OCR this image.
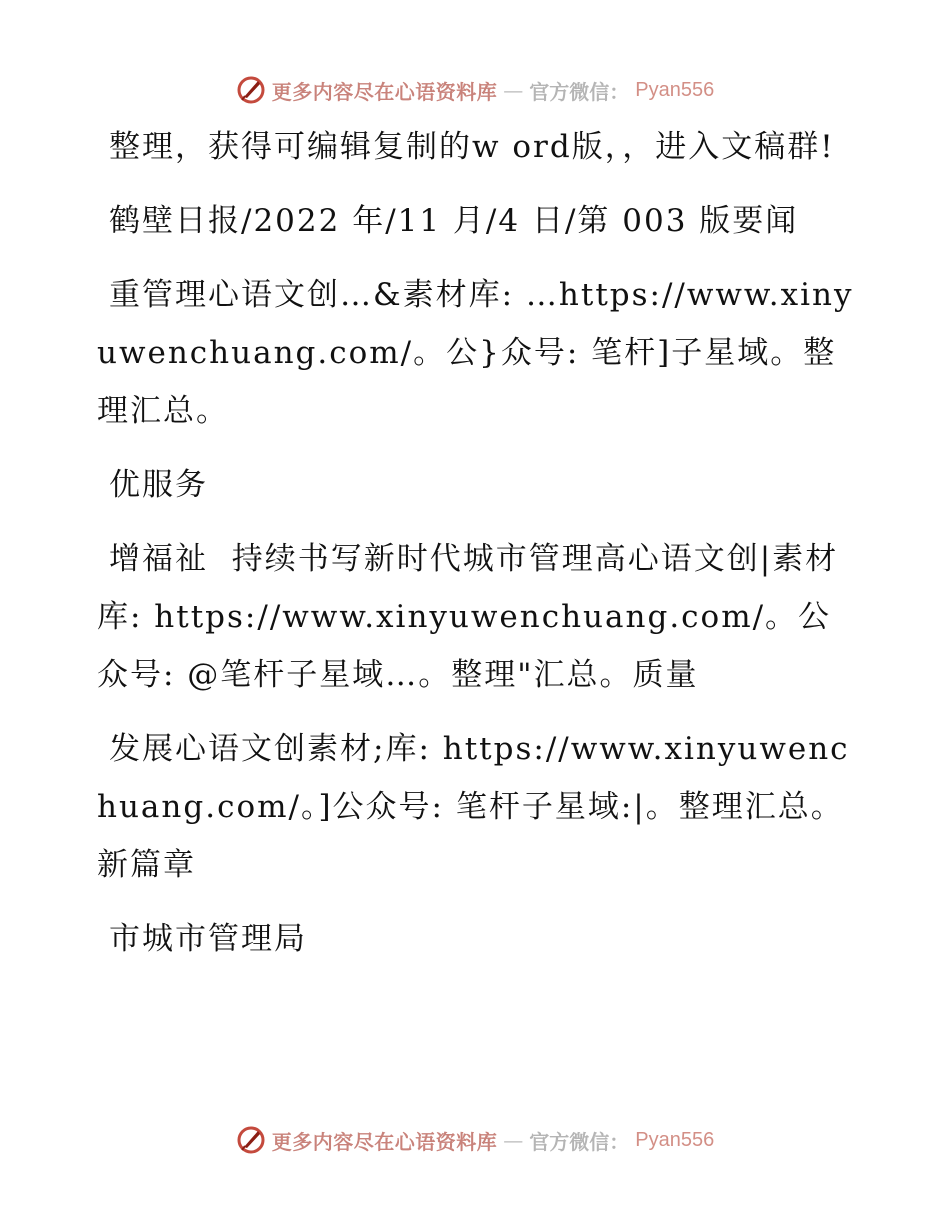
更多内容尽在心语资料库 — 官方微信： Pyan556

整理，获得可编辑复制的w ord版，，进入文稿群!

鹤壁日报/2022 年/11 月/4 日/第 003 版要闻

重管理心语文创…&素材库: …https://www.xinyuwenchuang.com/。公}众号: 笔杆]子星域。整理汇总。

优服务

增福祉  持续书写新时代城市管理高心语文创|素材库: https://www.xinyuwenchuang.com/。公众号: @笔杆子星域…。整理"汇总。质量

发展心语文创素材;库: https://www.xinyuwenchuang.com/。]公众号: 笔杆子星域:|。整理汇总。新篇章

市城市管理局

更多内容尽在心语资料库 — 官方微信： Pyan556
